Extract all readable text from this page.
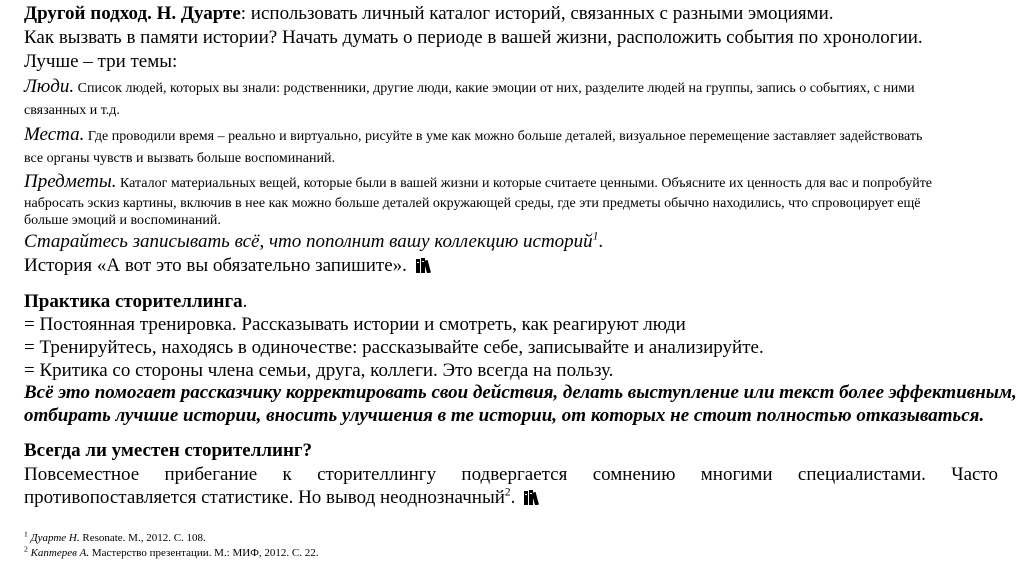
Другой подход. Н. Дуарте: использовать личный каталог историй, связанных с разными эмоциями.
Как вызвать в памяти истории? Начать думать о периоде в вашей жизни, расположить события по хронологии.
Лучше – три темы:
Люди. Список людей, которых вы знали: родственники, другие люди, какие эмоции от них, разделите людей на группы, запись о событиях, с ними
связанных и т.д.
Места. Где проводили время – реально и виртуально, рисуйте в уме как можно больше деталей, визуальное перемещение заставляет задействовать
все органы чувств и вызвать больше воспоминаний.
Предметы. Каталог материальных вещей, которые были в вашей жизни и которые считаете ценными. Объясните их ценность для вас и попробуйте
набросать эскиз картины, включив в нее как можно больше деталей окружающей среды, где эти предметы обычно находились, что спровоцирует ещё
больше эмоций и воспоминаний.
Старайтесь записывать всё, что пополнит вашу коллекцию историй$^1$.
История «А вот это вы обязательно запишите».
Практика сторителлинга.
= Постоянная тренировка. Рассказывать истории и смотреть, как реагируют люди
= Тренируйтесь, находясь в одиночестве: рассказывайте себе, записывайте и анализируйте.
= Критика со стороны члена семьи, друга, коллеги. Это всегда на пользу.
Всё это помогает рассказчику корректировать свои действия, делать выступление или текст более эффективным,
отбирать лучшие истории, вносить улучшения в те истории, от которых не стоит полностью отказываться.
Всегда ли уместен сторителлинг?
Повсеместное прибегание к сторителлингу подвергается сомнению многими специалистами. Часто
противопоставляется статистике. Но вывод неоднозначный$^2$.
$^1$ Дуарте Н. Resonate. М., 2012. С. 108.
$^2$ Каптерев А. Мастерство презентации. М.: МИФ, 2012. С. 22.
